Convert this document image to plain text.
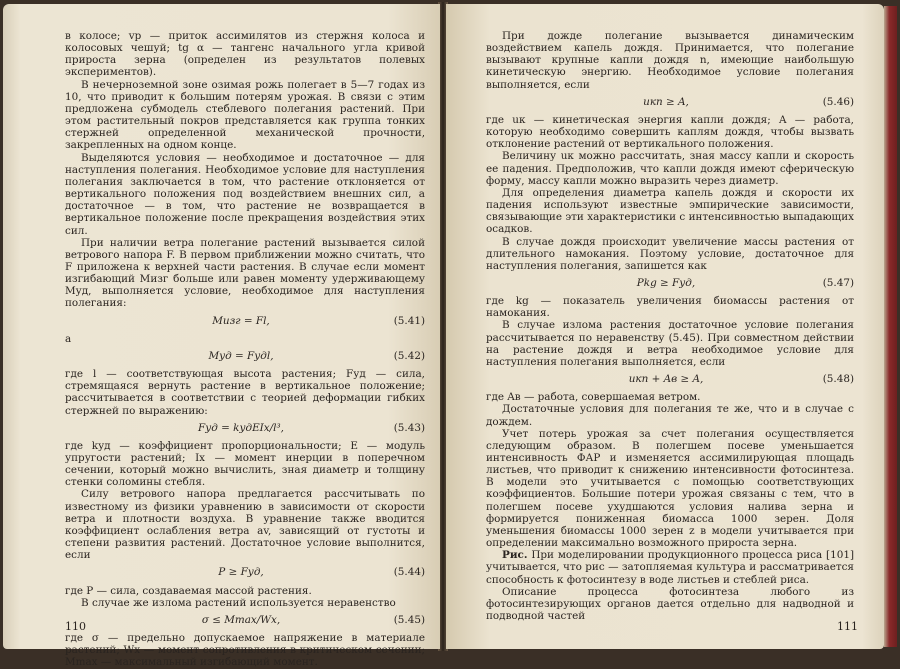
в колосе; vр — приток ассимилятов из стержня колоса и колосовых чешуй; tg α — тангенс начального угла кривой прироста зерна (определен из результатов полевых экспериментов).

В нечерноземной зоне озимая рожь полегает в 5—7 годах из 10, что приводит к большим потерям урожая. В связи с этим предложена субмодель стеблевого полегания растений. При этом растительный покров представляется как группа тонких стержней определенной механической прочности, закрепленных на одном конце.

Выделяются условия — необходимое и достаточное — для наступления полегания. Необходимое условие для наступления полегания заключается в том, что растение отклоняется от вертикального положения под воздействием внешних сил, а достаточное — в том, что растение не возвращается в вертикальное положение после прекращения воздействия этих сил.

При наличии ветра полегание растений вызывается силой ветрового напора F. В первом приближении можно считать, что F приложена к верхней части растения. В случае если момент изгибающий Mизг больше или равен моменту удерживающему Mуд, выполняется условие, необходимое для наступления полегания:

Mизг = Fl,	(5.41)

а

Mуд = Fудl,	(5.42)

где l — соответствующая высота растения; Fуд — сила, стремящаяся вернуть растение в вертикальное положение; рассчитывается в соответствии с теорией деформации гибких стержней по выражению:

Fуд = kудEIx/l³,	(5.43)

где kуд — коэффициент пропорциональности; E — модуль упругости растений; Ix — момент инерции в поперечном сечении, который можно вычислить, зная диаметр и толщину стенки соломины стебля.

Силу ветрового напора предлагается рассчитывать по известному из физики уравнению в зависимости от скорости ветра и плотности воздуха. В уравнение также вводится коэффициент ослабления ветра av, зависящий от густоты и степени развития растений. Достаточное условие выполнится, если

P ≥ Fуд,	(5.44)

где P — сила, создаваемая массой растения.

В случае же излома растений используется неравенство

σ ≤ Mmax/Wx,	(5.45)

где σ — предельно допускаемое напряжение в материале растений; Wx — момент сопротивления в критическом сечении; Mmax — максимальный изгибающий момент.

110

При дожде полегание вызывается динамическим воздействием капель дождя. Принимается, что полегание вызывают крупные капли дождя n, имеющие наибольшую кинетическую энергию. Необходимое условие полегания выполняется, если

uкn ≥ A,	(5.46)

где uк — кинетическая энергия капли дождя; A — работа, которую необходимо совершить каплям дождя, чтобы вызвать отклонение растений от вертикального положения.

Величину uк можно рассчитать, зная массу капли и скорость ее падения. Предположив, что капли дождя имеют сферическую форму, массу капли можно выразить через диаметр.

Для определения диаметра капель дождя и скорости их падения используют известные эмпирические зависимости, связывающие эти характеристики с интенсивностью выпадающих осадков.

В случае дождя происходит увеличение массы растения от длительного намокания. Поэтому условие, достаточное для наступления полегания, запишется как

Pkg ≥ Fуд,	(5.47)

где kg — показатель увеличения биомассы растения от намокания.

В случае излома растения достаточное условие полегания рассчитывается по неравенству (5.45). При совместном действии на растение дождя и ветра необходимое условие для наступления полегания выполняется, если

uкn + Aв ≥ A,	(5.48)

где Aв — работа, совершаемая ветром.

Достаточные условия для полегания те же, что и в случае с дождем.

Учет потерь урожая за счет полегания осуществляется следующим образом. В полегшем посеве уменьшается интенсивность ФАР и изменяется ассимилирующая площадь листьев, что приводит к снижению интенсивности фотосинтеза. В модели это учитывается с помощью соответствующих коэффициентов. Большие потери урожая связаны с тем, что в полегшем посеве ухудшаются условия налива зерна и формируется пониженная биомасса 1000 зерен. Доля уменьшения биомассы 1000 зерен z в модели учитывается при определении максимально возможного прироста зерна.

Рис. При моделировании продукционного процесса риса [101] учитывается, что рис — затопляемая культура и рассматривается способность к фотосинтезу в воде листьев и стеблей риса.

Описание процесса фотосинтеза любого из фотосинтезирующих органов дается отдельно для надводной и подводной частей

111
